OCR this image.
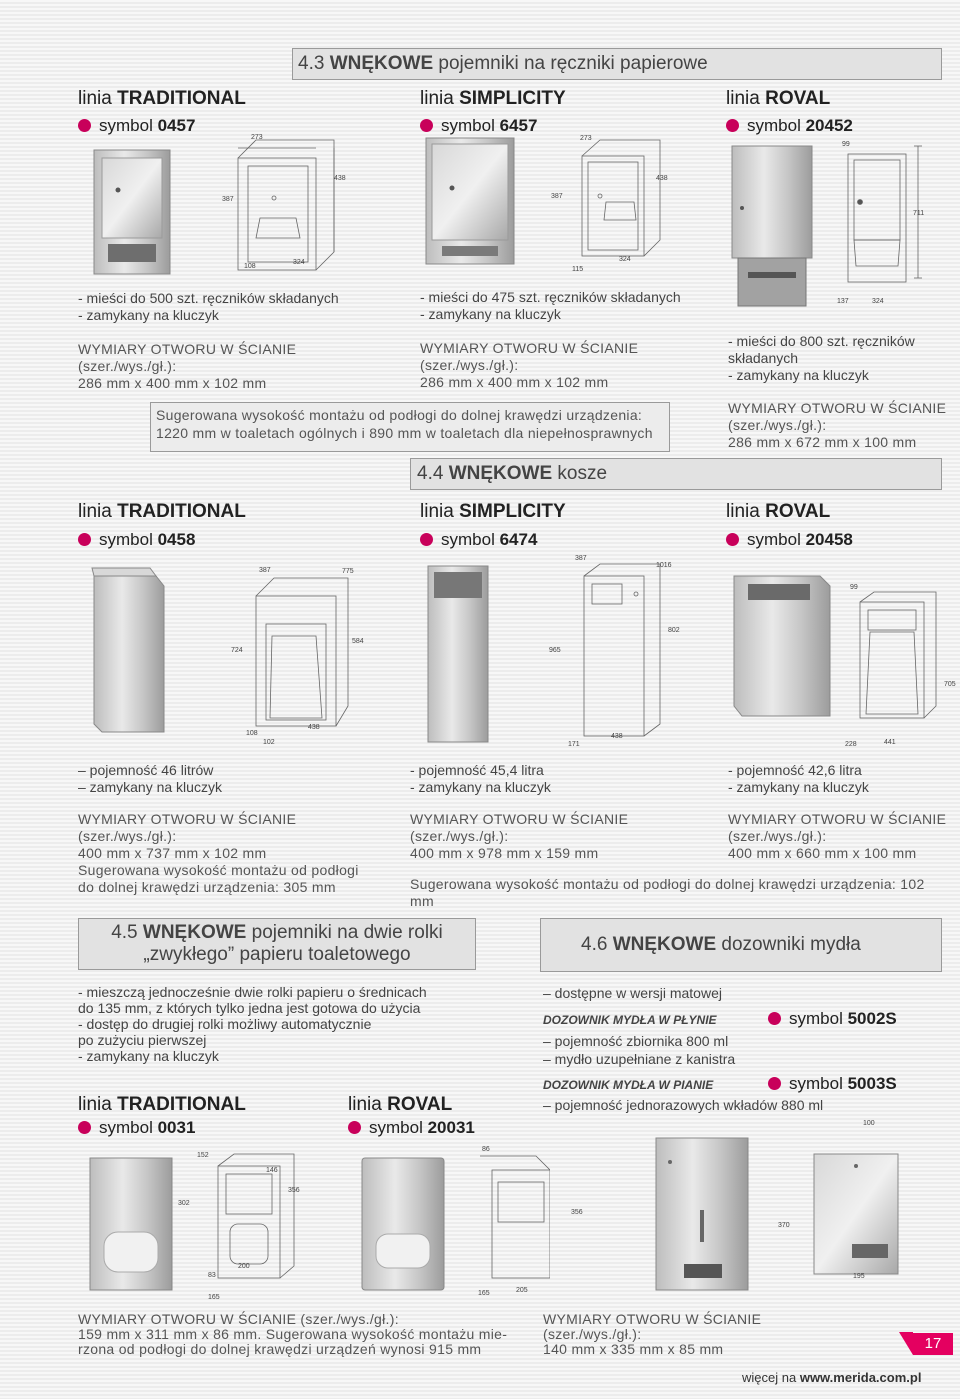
4.3 WNĘKOWE pojemniki na ręczniki papierowe
linia TRADITIONAL
symbol 0457
273
438
387
108
324
- mieści do 500 szt. ręczników składanych
- zamykany na kluczyk
WYMIARY OTWORU W ŚCIANIE
(szer./wys./gł.):
286 mm x 400 mm x 102 mm
linia SIMPLICITY
symbol 6457
273
438
387
115
324
- mieści do 475 szt. ręczników składanych
- zamykany na kluczyk
WYMIARY OTWORU W ŚCIANIE
(szer./wys./gł.):
286 mm x 400 mm x 102 mm
linia ROVAL
symbol 20452
99
711
137	324
- mieści do 800 szt. ręczników
składanych
- zamykany na kluczyk
WYMIARY OTWORU W ŚCIANIE
(szer./wys./gł.):
286 mm x 672 mm x 100 mm
Sugerowana wysokość montażu od podłogi do dolnej krawędzi urządzenia:
1220 mm w toaletach ogólnych i 890 mm w toaletach dla niepełnosprawnych
4.4 WNĘKOWE kosze
linia TRADITIONAL
symbol 0458
linia SIMPLICITY
symbol 6474
linia ROVAL
symbol 20458
387	775
584
724
108
102
438
387
1016
802
965
171
438
99
705
228	441
– pojemność 46 litrów
– zamykany na kluczyk
WYMIARY OTWORU W ŚCIANIE
(szer./wys./gł.):
400 mm x 737 mm x 102 mm
Sugerowana wysokość montażu od podłogi
do dolnej krawędzi urządzenia: 305 mm
- pojemność 45,4 litra
- zamykany na kluczyk
WYMIARY OTWORU W ŚCIANIE
(szer./wys./gł.):
400 mm x 978 mm x 159 mm
- pojemność 42,6 litra
- zamykany na kluczyk
WYMIARY OTWORU W ŚCIANIE
(szer./wys./gł.):
400 mm x 660 mm x 100 mm
Sugerowana wysokość montażu od podłogi do dolnej krawędzi urządzenia: 102 mm
4.5 WNĘKOWE pojemniki na dwie rolki
„zwykłego” papieru toaletowego
- mieszczą jednocześnie dwie rolki papieru o średnicach
do 135 mm, z których tylko jedna jest gotowa do użycia
- dostęp do drugiej rolki możliwy automatycznie
po zużyciu pierwszej
- zamykany na kluczyk
linia TRADITIONAL
symbol 0031
linia ROVAL
symbol 20031
152
146
356
302
83
200
165
86
356
165	205
WYMIARY OTWORU W ŚCIANIE (szer./wys./gł.):
159 mm x 311 mm x 86 mm. Sugerowana wysokość montażu mie-
rzona od podłogi do dolnej krawędzi urządzeń wynosi 915 mm
4.6 WNĘKOWE dozowniki mydła
– dostępne w wersji matowej
DOZOWNIK MYDŁA W PŁYNIE	symbol 5002S
– pojemność zbiornika 800 ml
– mydło uzupełniane z kanistra
DOZOWNIK MYDŁA W PIANIE	symbol 5003S
– pojemność jednorazowych wkładów 880 ml
100
370
195
WYMIARY OTWORU W ŚCIANIE (szer./wys./gł.):
140 mm x 335 mm x 85 mm	17
więcej na www.merida.com.pl
